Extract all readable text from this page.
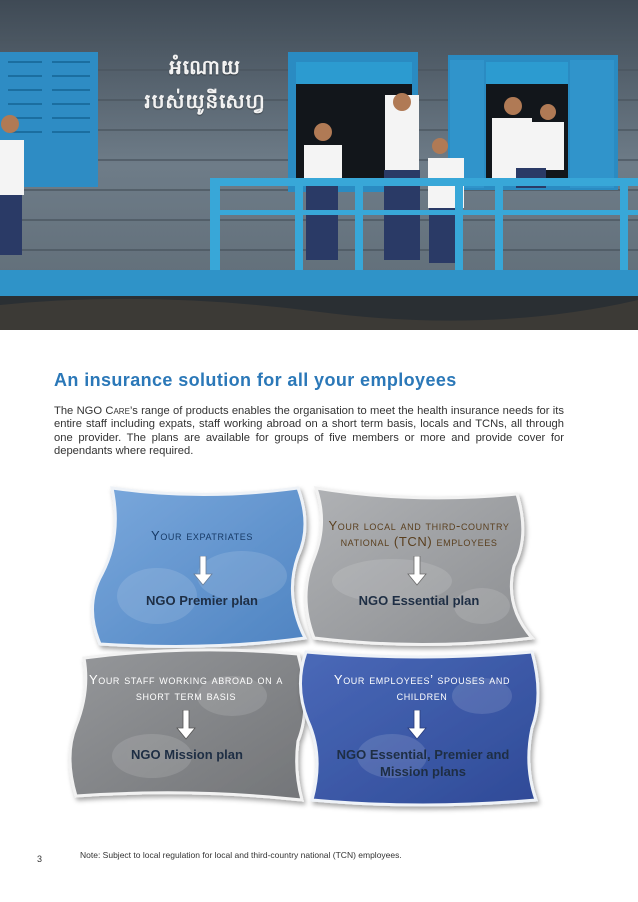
អំណោយ
របស់យូនីសេហ្វ
An insurance solution for all your employees

The NGO Care’s range of products enables the organisation to meet the health insurance needs for its entire staff including expats, staff working abroad on a short term basis, locals and TCNs, all through one provider. The plans are available for groups of five members or more and provide cover for dependants where required.

Your expatriates
NGO Premier plan
Your local and third-country national (TCN) employees
NGO Essential plan
Your staff working abroad on a short term basis
NGO Mission plan
Your employees’ spouses and children
NGO Essential, Premier and Mission plans

Note: Subject to local regulation for local and third-country national (TCN) employees.

3
